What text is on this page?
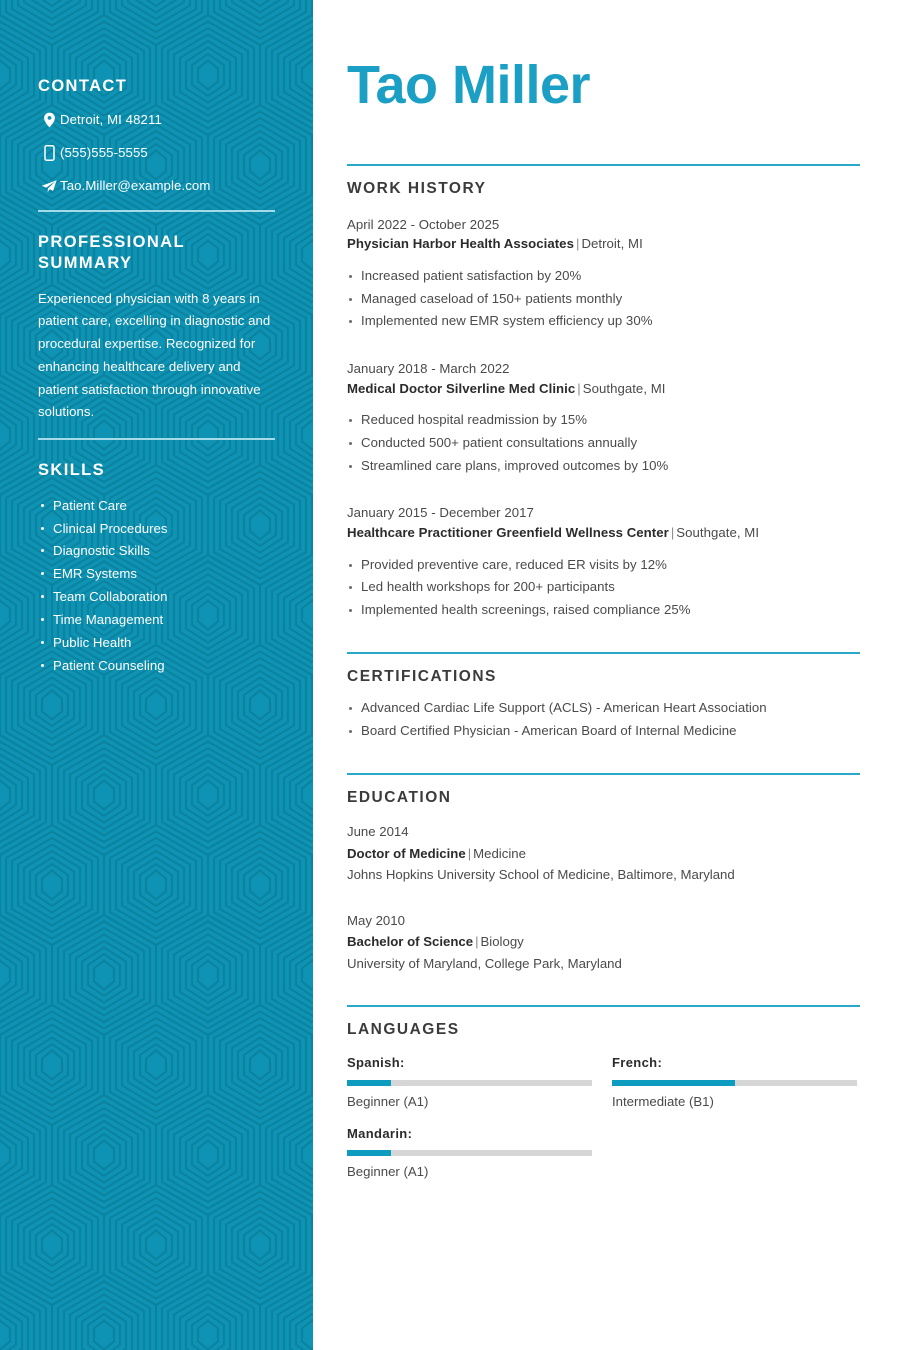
CONTACT
Detroit, MI 48211
(555)555-5555
Tao.Miller@example.com
PROFESSIONAL SUMMARY

Experienced physician with 8 years in patient care, excelling in diagnostic and procedural expertise. Recognized for enhancing healthcare delivery and patient satisfaction through innovative solutions.

SKILLS
Patient Care
Clinical Procedures
Diagnostic Skills
EMR Systems
Team Collaboration
Time Management
Public Health
Patient Counseling
Tao Miller
WORK HISTORY
April 2022 - October 2025
Physician Harbor Health Associates | Detroit, MI
Increased patient satisfaction by 20%
Managed caseload of 150+ patients monthly
Implemented new EMR system efficiency up 30%
January 2018 - March 2022
Medical Doctor Silverline Med Clinic | Southgate, MI
Reduced hospital readmission by 15%
Conducted 500+ patient consultations annually
Streamlined care plans, improved outcomes by 10%
January 2015 - December 2017
Healthcare Practitioner Greenfield Wellness Center | Southgate, MI
Provided preventive care, reduced ER visits by 12%
Led health workshops for 200+ participants
Implemented health screenings, raised compliance 25%
CERTIFICATIONS
Advanced Cardiac Life Support (ACLS) - American Heart Association
Board Certified Physician - American Board of Internal Medicine
EDUCATION
June 2014
Doctor of Medicine | Medicine
Johns Hopkins University School of Medicine, Baltimore, Maryland
May 2010
Bachelor of Science | Biology
University of Maryland, College Park, Maryland
LANGUAGES
Spanish:
Beginner (A1)
French:
Intermediate (B1)
Mandarin:
Beginner (A1)
